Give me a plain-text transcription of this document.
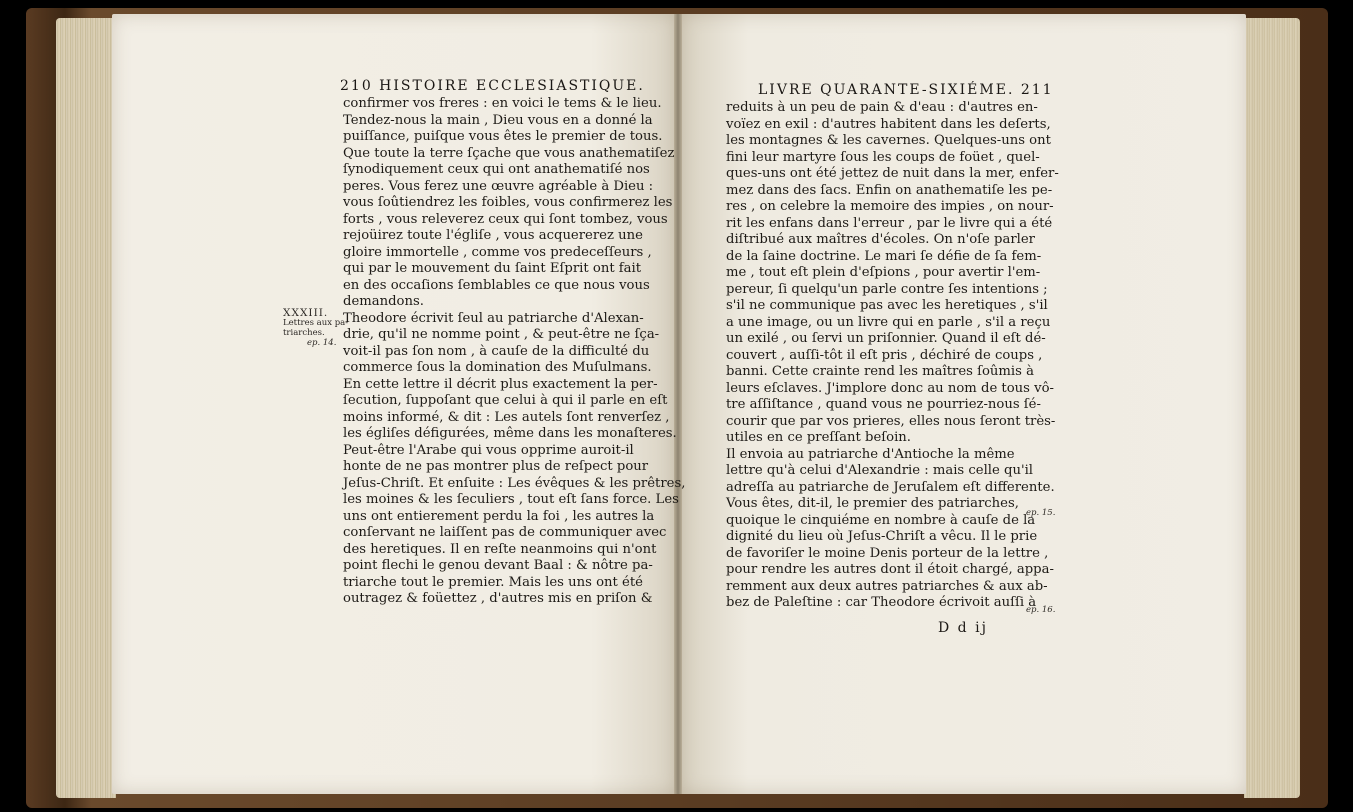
210 HISTOIRE ECCLESIASTIQUE.
XXXIII.
Lettres aux pa-
triarches.
ep. 14.
confirmer vos freres : en voici le tems & le lieu.
Tendez-nous la main , Dieu vous en a donné la
puiſſance, puiſque vous êtes le premier de tous.
Que toute la terre ſçache que vous anathematiſez
ſynodiquement ceux qui ont anathematiſé nos
peres. Vous ferez une œuvre agréable à Dieu :
vous ſoûtiendrez les foibles, vous confirmerez les
forts , vous releverez ceux qui ſont tombez, vous
rejoüirez toute l'égliſe , vous acquererez une
gloire immortelle , comme vos predeceſſeurs ,
qui par le mouvement du ſaint Eſprit ont fait
en des occaſions ſemblables ce que nous vous
demandons.
Theodore écrivit ſeul au patriarche d'Alexan-
drie, qu'il ne nomme point , & peut-être ne ſça-
voit-il pas ſon nom , à cauſe de la difficulté du
commerce ſous la domination des Muſulmans.
En cette lettre il décrit plus exactement la per-
ſecution, ſuppoſant que celui à qui il parle en eſt
moins informé, & dit : Les autels ſont renverſez ,
les égliſes défigurées, même dans les monaſteres.
Peut-être l'Arabe qui vous opprime auroit-il
honte de ne pas montrer plus de reſpect pour
Jeſus-Chriſt. Et enſuite : Les évêques & les prêtres,
les moines & les ſeculiers , tout eſt ſans force. Les
uns ont entierement perdu la foi , les autres la
conſervant ne laiſſent pas de communiquer avec
des heretiques. Il en reſte neanmoins qui n'ont
point flechi le genou devant Baal : & nôtre pa-
triarche tout le premier. Mais les uns ont été
outragez & foüettez , d'autres mis en priſon &
LIVRE QUARANTE-SIXIÉME. 211
reduits à un peu de pain & d'eau : d'autres en-
voïez en exil : d'autres habitent dans les deſerts,
les montagnes & les cavernes. Quelques-uns ont
fini leur martyre ſous les coups de foüet , quel-
ques-uns ont été jettez de nuit dans la mer, enfer-
mez dans des ſacs. Enfin on anathematiſe les pe-
res , on celebre la memoire des impies , on nour-
rit les enfans dans l'erreur , par le livre qui a été
diſtribué aux maîtres d'écoles. On n'oſe parler
de la ſaine doctrine. Le mari ſe défie de ſa fem-
me , tout eſt plein d'eſpions , pour avertir l'em-
pereur, ſi quelqu'un parle contre ſes intentions ;
s'il ne communique pas avec les heretiques , s'il
a une image, ou un livre qui en parle , s'il a reçu
un exilé , ou ſervi un priſonnier. Quand il eſt dé-
couvert , auſſi-tôt il eſt pris , déchiré de coups ,
banni. Cette crainte rend les maîtres ſoûmis à
leurs eſclaves. J'implore donc au nom de tous vô-
tre aſſiſtance , quand vous ne pourriez-nous ſé-
courir que par vos prieres, elles nous ſeront très-
utiles en ce preſſant beſoin.
Il envoia au patriarche d'Antioche la même
lettre qu'à celui d'Alexandrie : mais celle qu'il
adreſſa au patriarche de Jeruſalem eſt differente.
Vous êtes, dit-il, le premier des patriarches,
quoique le cinquiéme en nombre à cauſe de la
dignité du lieu où Jeſus-Chriſt a vêcu. Il le prie
de favoriſer le moine Denis porteur de la lettre ,
pour rendre les autres dont il étoit chargé, appa-
remment aux deux autres patriarches & aux ab-
bez de Paleſtine : car Theodore écrivoit auſſi à
ep. 15.
ep. 16.
D d ij
